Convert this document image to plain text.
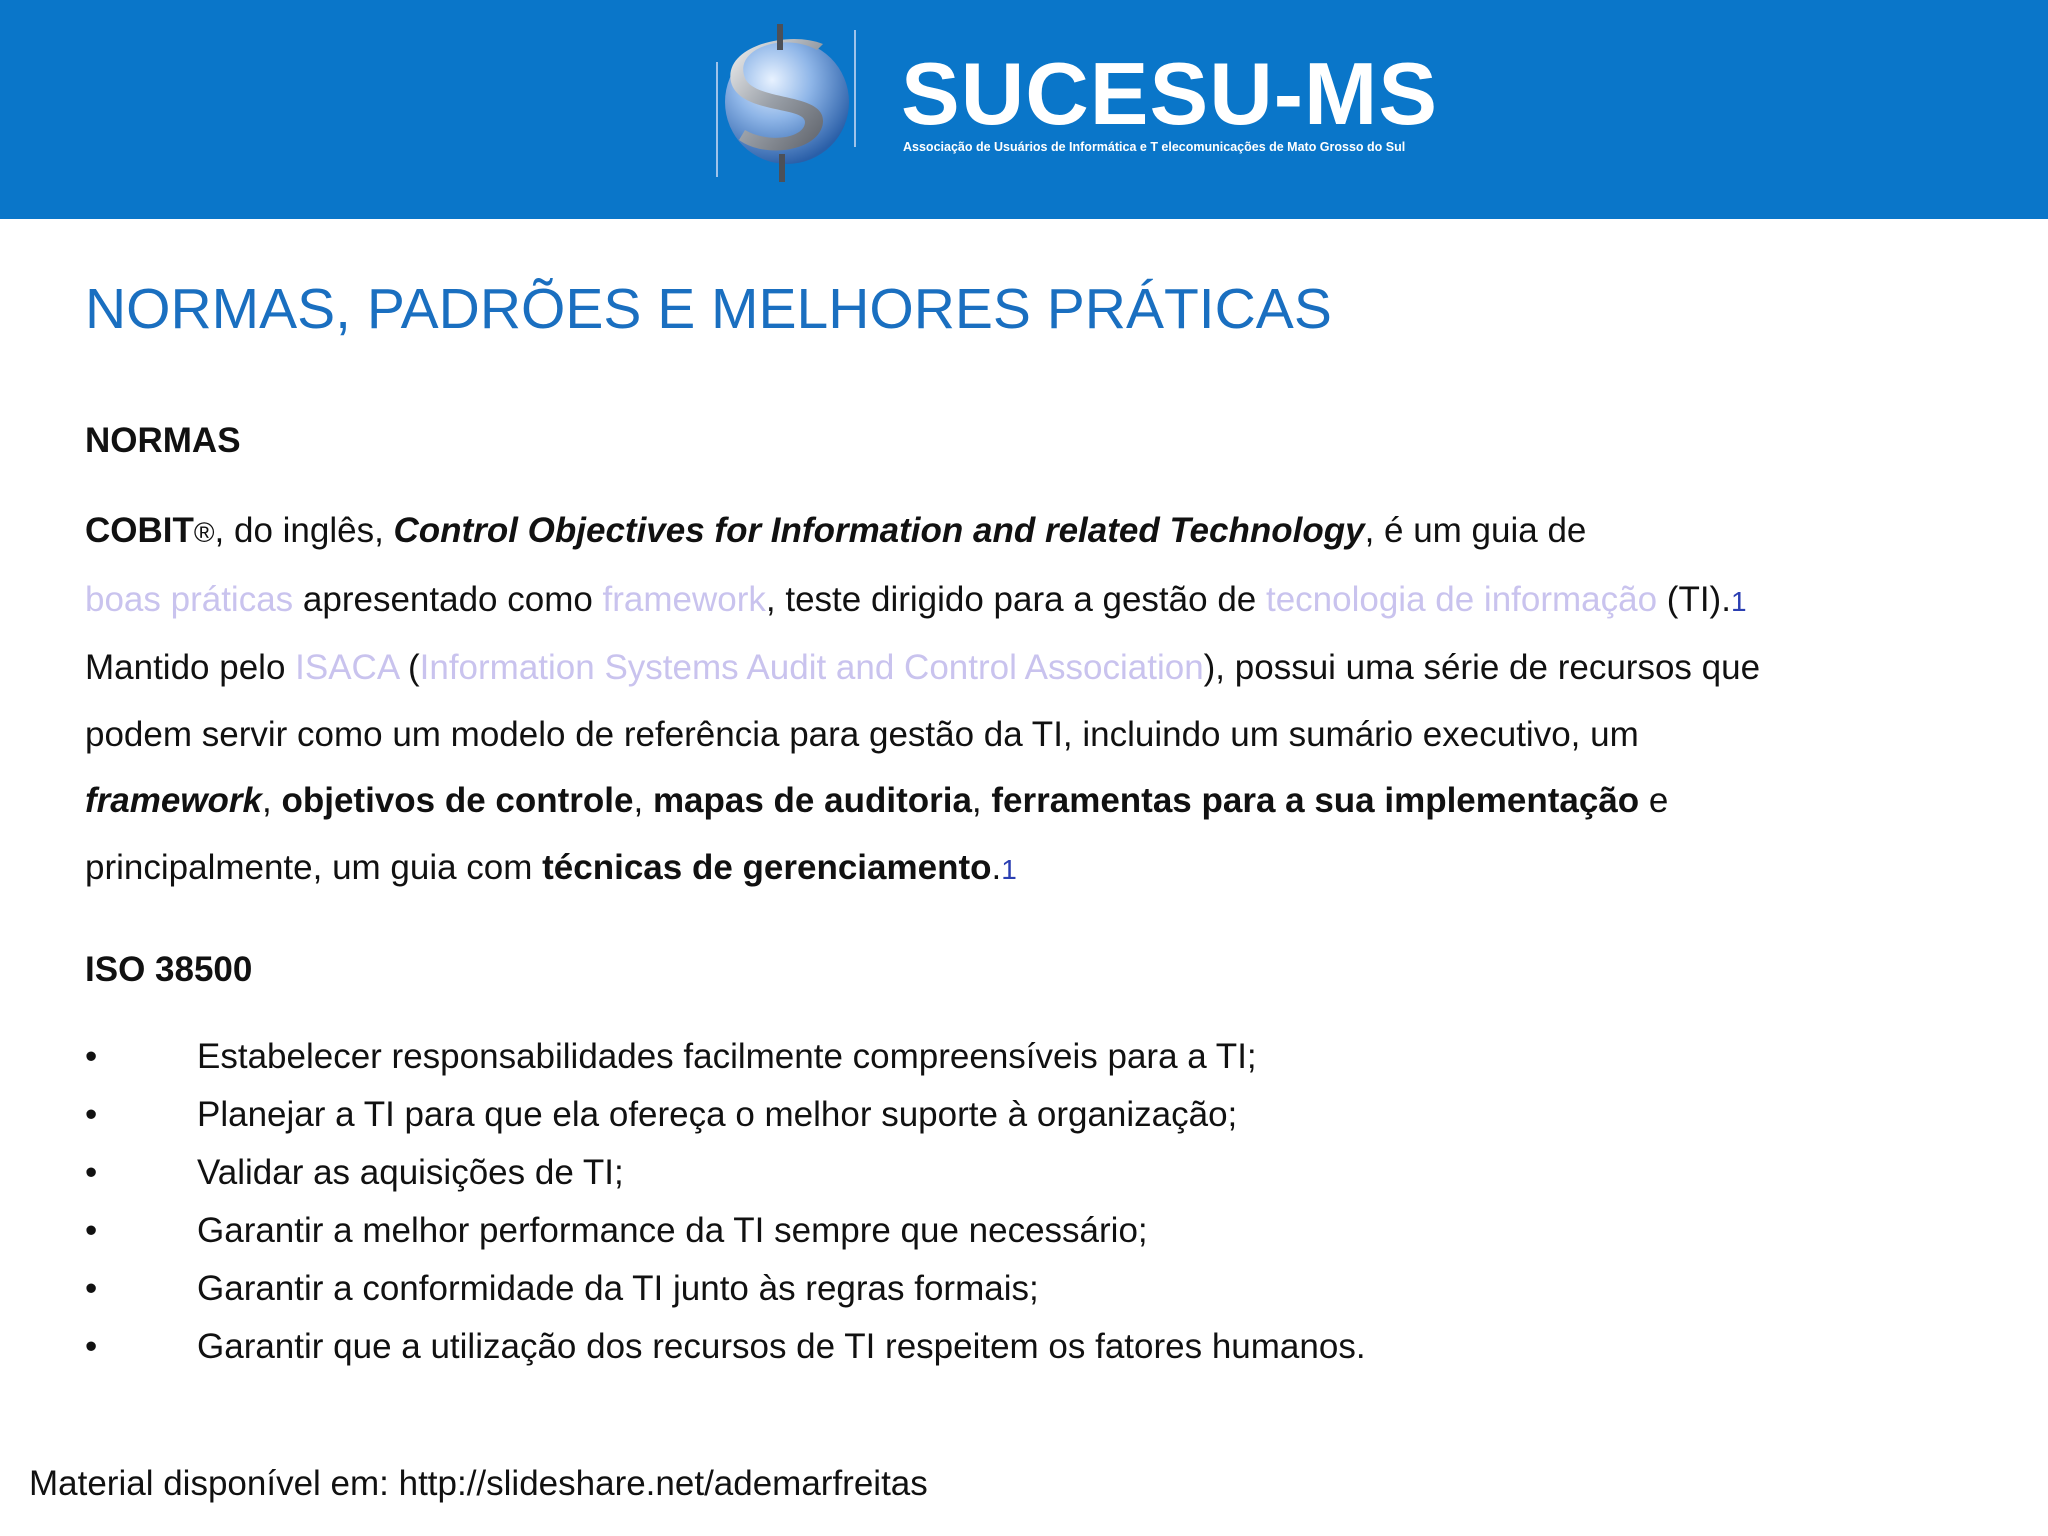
SUCESU-MS
Associação de Usuários de Informática e T elecomunicações de Mato Grosso do Sul
NORMAS, PADRÕES E MELHORES PRÁTICAS
NORMAS

COBIT®, do inglês, Control Objectives for Information and related Technology, é um guia de
boas práticas apresentado como framework, teste dirigido para a gestão de tecnologia de informação (TI).1
Mantido pelo ISACA (Information Systems Audit and Control Association), possui uma série de recursos que
podem servir como um modelo de referência para gestão da TI, incluindo um sumário executivo, um
framework, objetivos de controle, mapas de auditoria, ferramentas para a sua implementação e
principalmente, um guia com técnicas de gerenciamento.1

ISO 38500
•	Estabelecer responsabilidades facilmente compreensíveis para a TI;
•	Planejar a TI para que ela ofereça o melhor suporte à organização;
•	Validar as aquisições de TI;
•	Garantir a melhor performance da TI sempre que necessário;
•	Garantir a conformidade da TI junto às regras formais;
•	Garantir que a utilização dos recursos de TI respeitem os fatores humanos.
Material disponível em: http://slideshare.net/ademarfreitas
